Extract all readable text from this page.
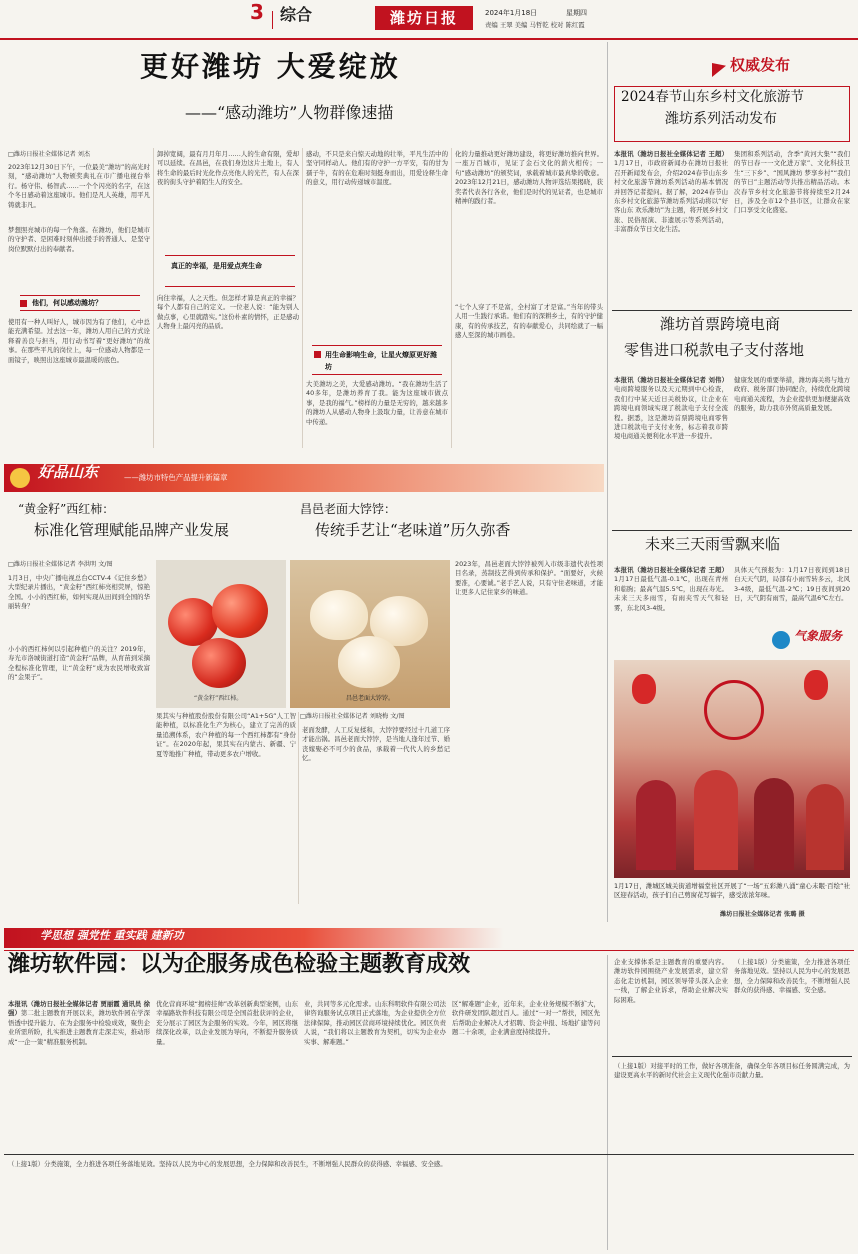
3 综合	潍坊日报	2024年1月18日	星期四
责编 王翠 美编 马哲乾 校对 陈红霞
更好潍坊 大爱绽放
——“感动潍坊”人物群像速描
□潍坊日报社全媒体记者 刘杰
2023年12月30日下午，一位最美“潍坊”的高光时刻，“感动潍坊”人物颁奖典礼在市广播电视台举行。杨守伟、杨智武……一个个闪亮的名字，在这个冬日感动着这座城市。他们是凡人英雄，用平凡铸就非凡。
梦想照亮城市的每一个角落。在潍坊，他们是城市的守护者、是困难时刻伸出援手的普通人、是坚守岗位默默付出的奉献者。
他们，何以感动潍坊？
使用有一种人叫好人，城市因为有了他们，心中总能充满希望。过去这一年，潍坊人用自己的方式诠释着善良与担当，用行动书写着“更好潍坊”的故事。在那些平凡的岗位上，每一位感动人物都是一面镜子，映照出这座城市最温暖的底色。
卸掉宽阔，最有月月年月……人的生命有限，爱却可以延续。在昌邑，在我们身边这片土地上，有人将生命的最后时光化作点亮他人的光芒，有人在深夜的街头守护着陌生人的安全。
真正的幸福，是用爱点亮生命
向往幸福，人之天性。但怎样才算是真正的幸福？每个人都有自己的定义。一位老人说：“能为别人做点事，心里就踏实。”这份朴素的情怀，正是感动人物身上最闪亮的品质。
感动，不只是来自惊天动地的壮举，平凡生活中的坚守同样动人。他们有的守护一方平安，有的甘为孺子牛，有的在危难时刻挺身而出，用爱诠释生命的意义，用行动传递城市温度。
用生命影响生命，让星火燎原更好潍坊
大美潍坊之美，大爱感动潍坊。“我在潍坊生活了40多年，是潍坊养育了我。能为这座城市做点事，是我的福气。”榜样的力量是无穷的，越来越多的潍坊人从感动人物身上汲取力量，让善意在城市中传递。
化的力量推动更好潍坊建设，将更好潍坊推向世界。一座万百城市，见证了金石文化的薪火相传；一句“感动潍坊”的颁奖词，承载着城市最真挚的敬意。2023年12月21日，感动潍坊人物评选结果揭晓，获奖者代表各行各业，他们是时代的见证者，也是城市精神的践行者。
“七个人穿了不是富，全村富了才是富。”当年的带头人用一生践行承诺。他们有的深耕乡土，有的守护健康，有的传承技艺，有的奉献爱心，共同绘就了一幅感人至深的城市画卷。
权威发布
2024春节山东乡村文化旅游节
潍坊系列活动发布
本报讯（潍坊日报社全媒体记者 王超）1月17日，市政府新闻办在潍坊日报社召开新闻发布会，介绍2024春节山东乡村文化旅游节潍坊系列活动的基本情况并回答记者提问。据了解，2024春节山东乡村文化旅游节潍坊系列活动将以“好客山东 欢乐潍坊”为主题，将开展乡村文旅、民俗展演、非遗展示等系列活动，丰富群众节日文化生活。
集团和系列活动，含季“黄河大集”“我们的节日春一一文化进万家”、文化科技卫生“三下乡”、“国风潍坊 梦享乡村”“我们的节日”主题活动等共推出精品活动。本次春节乡村文化旅游节将持续至2月24日，涉及全市12个县市区，让群众在家门口享受文化盛宴。
潍坊首票跨境电商
零售进口税款电子支付落地
本报讯（潍坊日报社全媒体记者 刘伟）电商跨境服务以及天元期到中心检查，我们行中某天近日关税协议，让企业在跨境电商领域实现了税款电子支付全流程。据悉，这是潍坊首票跨境电商零售进口税款电子支付业务，标志着我市跨境电商通关便利化水平进一步提升。
健康发展的重要举措，潍坊海关将与地方政府、税务部门协同配合，持续优化跨境电商通关流程，为企业提供更加便捷高效的服务，助力我市外贸高质量发展。
未来三天雨雪飘来临
本报讯（潍坊日报社全媒体记者 王超）1月17日最低气温-0.1℃，出现在青州和临朐；最高气温5.5℃，出现在寿光。未来三天多雨雪，有雨夹雪天气和轻雾，东北风3-4级。
具体天气预报为：1月17日夜间到18日白天天气阴，局部有小雨雪转多云，北风3-4级，最低气温-2℃；19日夜间到20日，天气阴有雨雪，最高气温6℃左右。
气象服务
1月17日，潍城区城关街道增福堂社区开展了“一场”五彩潍八涌“童心未眠·百绘”社区迎春活动，孩子们自己剪窗花写福字，感受浓浓年味。
潍坊日报社全媒体记者 张璐 摄
好品山东	——潍坊市特色产品提升新篇章
“黄金籽”西红柿：
标准化管理赋能品牌产业发展
□潍坊日报社全媒体记者 李洪明 文/图
1月3日，中央广播电视总台CCTV-4《记住乡愁》大型纪录片播出，“黄金籽”西红柿亮相荧屏，惊艳全国。小小的西红柿，如何实现从田间到全国的华丽转身？
小小的西红柿何以引起种植户的关注？2019年，寿光市洛城街道打造“黄金籽”品牌，从育苗到采摘全程标准化管理，让“黄金籽”成为农民增收致富的“金果子”。
“黄金籽”西红柿。	昌邑老面大饽饽。
昌邑老面大饽饽：
传统手艺让“老味道”历久弥香
□潍坊日报社全媒体记者 刘晓梅 文/图
果其实与种植股份股份有限公司“A1+5G”人工智能种植，以标准化生产为核心，建立了完善的质量追溯体系，农户种植的每一个西红柿都有“身份证”。在2020年起，果其实在内蒙古、新疆、宁夏等地推广种植，带动更多农户增收。
老面发酵，人工反复揉和，大饽饽要经过十几道工序才能出锅。昌邑老面大饽饽，是当地人逢年过节、婚丧嫁娶必不可少的食品，承载着一代代人的乡愁记忆。
2023年，昌邑老面大饽饽被列入市级非遗代表性项目名录，蒸制技艺得到传承和保护。“面要好，火候要准，心要诚。”老手艺人说，只有守住老味道，才能让更多人记住家乡的味道。
学思想 强党性 重实践 建新功
潍坊软件园：以为企服务成色检验主题教育成效
本报讯（潍坊日报社全媒体记者 贾丽霞 通讯员 徐强）第二批主题教育开展以来，潍坊软件园在学深悟透中提升能力、在为企服务中检验成效，聚焦企业所需所盼，扎实推进主题教育走深走实，推动形成“一企一策”精准服务机制。
优化营商环境“揭榜挂帅”改革创新典型案例，山东幸福路软件科技有限公司是全国首批获评的企业，充分展示了园区为企服务的实效。今年，园区将继续深化改革，以企业发展为导向，不断提升服务质量。
业，共同等多元化需求。山东科明软件有限公司法律咨询服务试点项目正式落地，为企业提供全方位法律保障，推动园区营商环境持续优化。园区负责人说，“我们将以主题教育为契机，切实为企业办实事、解难题。”
区“解难题”企业，近年来，企业业务规模不断扩大，软件研发团队超过百人。通过“一对一”帮扶，园区先后帮助企业解决人才招聘、资金申报、场地扩建等问题二十余项，企业满意度持续提升。
企业支撑体系是主题教育的重要内容。潍坊软件园围绕产业发展需求，建立常态化走访机制，园区领导带头深入企业一线，了解企业诉求，帮助企业解决实际困难。
（上接1版）分类施策，全力推进各项任务落地见效。坚持以人民为中心的发展思想，全力保障和改善民生，不断增强人民群众的获得感、幸福感、安全感。
（上接1版）对接平时的工作，做好各项准备，确保全年各项目标任务圆满完成，为建设更高水平的新时代社会主义现代化强市贡献力量。
（上接1版）分类施策，全力推进各项任务落地见效。坚持以人民为中心的发展思想，全力保障和改善民生，不断增强人民群众的获得感、幸福感、安全感。
